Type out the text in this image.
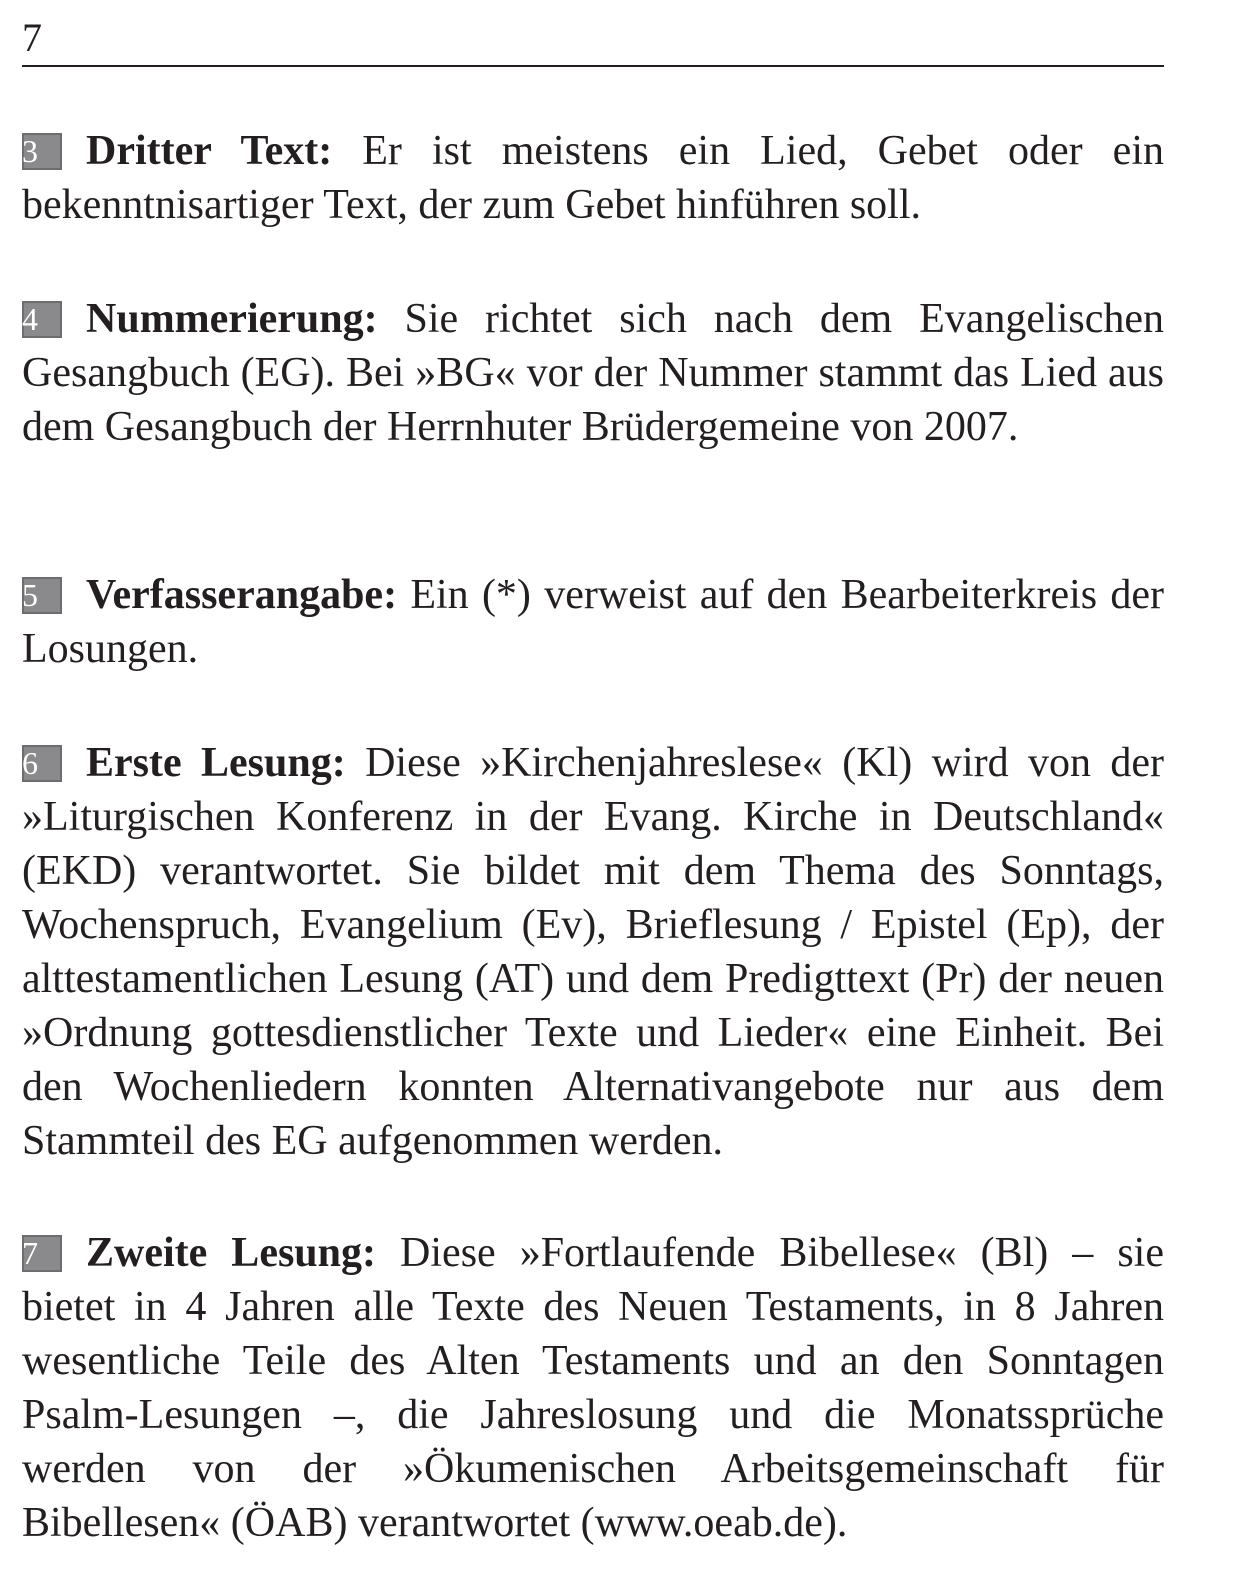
7

3 Dritter Text: Er ist meistens ein Lied, Gebet oder ein bekenntnisartiger Text, der zum Gebet hinführen soll.

4 Nummerierung: Sie richtet sich nach dem Evangelischen Gesangbuch (EG). Bei »BG« vor der Nummer stammt das Lied aus dem Gesangbuch der Herrnhuter Brüdergemeine von 2007.

5 Verfasserangabe: Ein (*) verweist auf den Bearbeiterkreis der Losungen.

6 Erste Lesung: Diese »Kirchenjahreslese« (Kl) wird von der »Liturgischen Konferenz in der Evang. Kirche in Deutschland« (EKD) verantwortet. Sie bildet mit dem Thema des Sonntags, Wochenspruch, Evangelium (Ev), Brieflesung / Epistel (Ep), der alttestamentlichen Lesung (AT) und dem Predigttext (Pr) der neuen »Ordnung gottesdienstlicher Texte und Lieder« eine Einheit. Bei den Wochenliedern konnten Alternativangebote nur aus dem Stammteil des EG aufgenommen werden.

7 Zweite Lesung: Diese »Fortlaufende Bibellese« (Bl) – sie bietet in 4 Jahren alle Texte des Neuen Testaments, in 8 Jahren wesentliche Teile des Alten Testaments und an den Sonntagen Psalm-Lesungen –, die Jahreslosung und die Monatssprüche werden von der »Ökumenischen Arbeitsgemeinschaft für Bibellesen« (ÖAB) verantwortet (www.oeab.de).
